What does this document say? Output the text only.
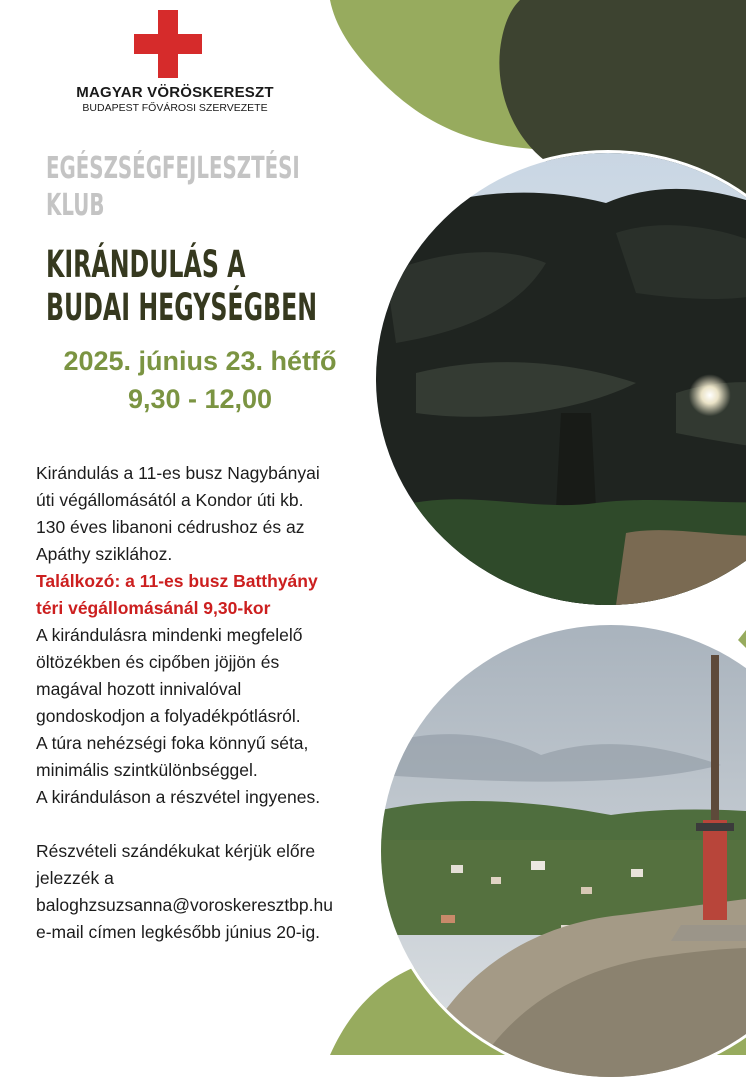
MAGYAR VÖRÖSKERESZT
BUDAPEST FŐVÁROSI SZERVEZETE
EGÉSZSÉGFEJLESZTÉSI
KLUB
KIRÁNDULÁS A
BUDAI HEGYSÉGBEN
2025. június 23. hétfő
9,30 - 12,00

Kirándulás a 11-es busz Nagybányai

úti végállomásától a Kondor úti kb.

130 éves libanoni cédrushoz és az

Apáthy sziklához.

Találkozó: a 11-es busz Batthyány

téri végállomásánál 9,30-kor

A kirándulásra mindenki megfelelő

öltözékben és cipőben jöjjön és

magával hozott innivalóval

gondoskodjon a folyadékpótlásról.

A túra nehézségi foka könnyű séta,

minimális szintkülönbséggel.

A kiránduláson a részvétel ingyenes.

Részvételi szándékukat kérjük előre

jelezzék a

baloghzsuzsanna@voroskeresztbp.hu

e-mail címen legkésőbb június 20-ig.
